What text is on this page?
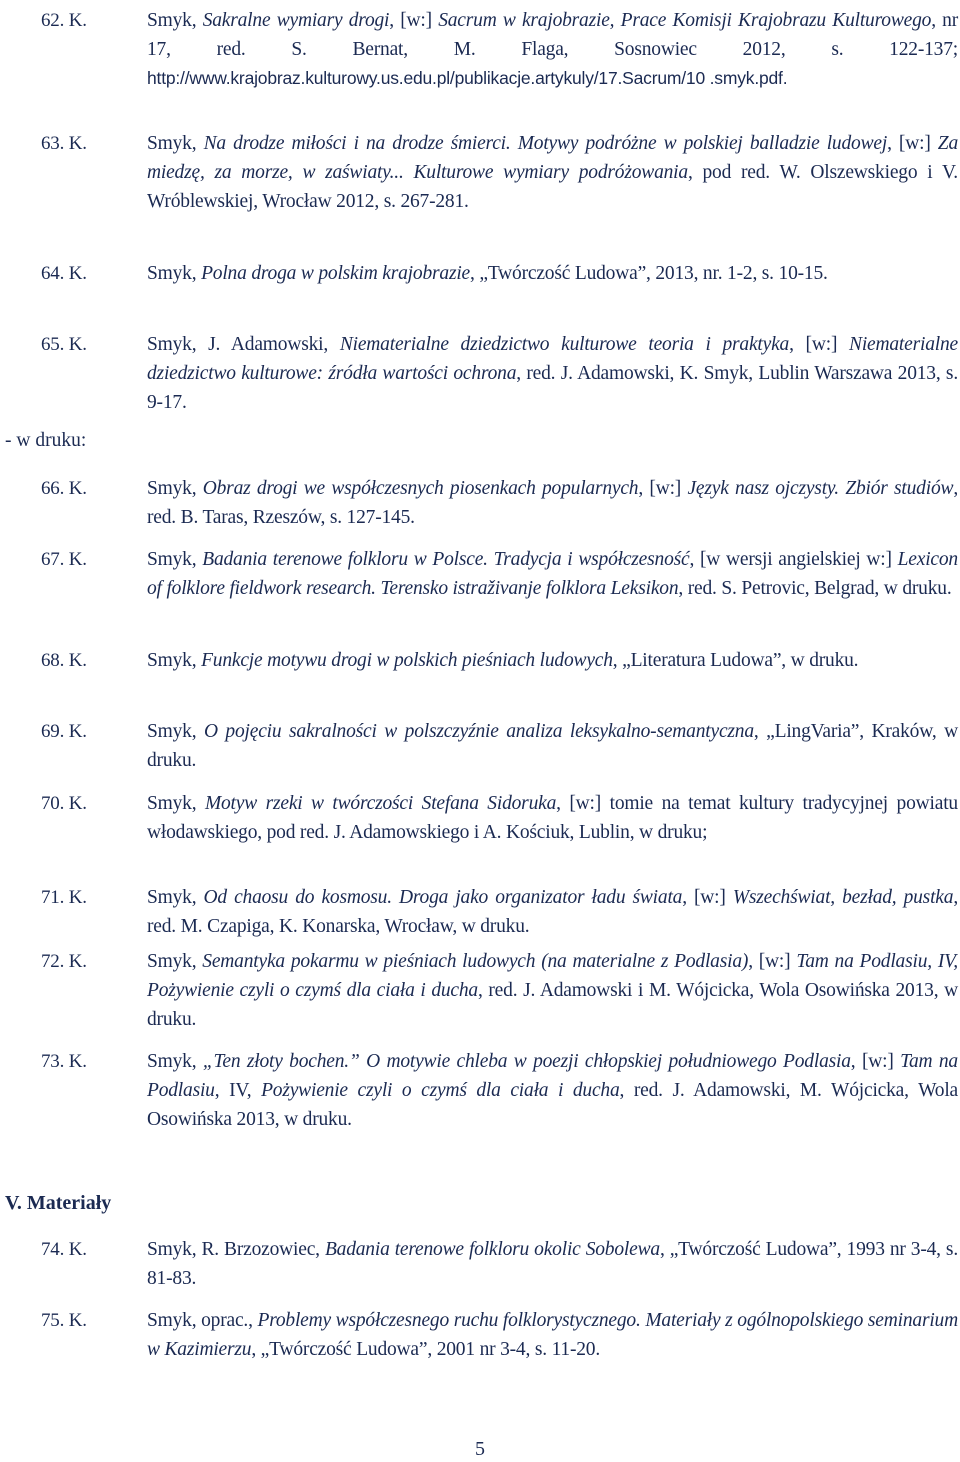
62. K.	Smyk, Sakralne wymiary drogi, [w:] Sacrum w krajobrazie, Prace Komisji Krajobrazu Kulturowego, nr 17, red. S. Bernat, M. Flaga, Sosnowiec 2012, s. 122-137; http://www.krajobraz.kulturowy.us.edu.pl/publikacje.artykuly/17.Sacrum/10 .smyk.pdf.
63. K.	Smyk, Na drodze miłości i na drodze śmierci. Motywy podróżne w polskiej balladzie ludowej, [w:] Za miedzę, za morze, w zaświaty... Kulturowe wymiary podróżowania, pod red. W. Olszewskiego i V. Wróblewskiej, Wrocław 2012, s. 267-281.
64. K.	Smyk, Polna droga w polskim krajobrazie, „Twórczość Ludowa”, 2013, nr. 1-2, s. 10-15.
65. K.	Smyk, J. Adamowski, Niematerialne dziedzictwo kulturowe teoria i praktyka, [w:] Niematerialne dziedzictwo kulturowe: źródła wartości ochrona, red. J. Adamowski, K. Smyk, Lublin Warszawa 2013, s. 9-17.
- w druku:
66. K.	Smyk, Obraz drogi we współczesnych piosenkach popularnych, [w:] Język nasz ojczysty. Zbiór studiów, red. B. Taras, Rzeszów, s. 127-145.
67. K.	Smyk, Badania terenowe folkloru w Polsce. Tradycja i współczesność, [w wersji angielskiej w:] Lexicon of folklore fieldwork research. Terensko istraživanje folklora Leksikon, red. S. Petrovic, Belgrad, w druku.
68. K.	Smyk, Funkcje motywu drogi w polskich pieśniach ludowych, „Literatura Ludowa”, w druku.
69. K.	Smyk, O pojęciu sakralności w polszczyźnie analiza leksykalno-semantyczna, „LingVaria”, Kraków, w druku.
70. K.	Smyk, Motyw rzeki w twórczości Stefana Sidoruka, [w:] tomie na temat kultury tradycyjnej powiatu włodawskiego, pod red. J. Adamowskiego i A. Kościuk, Lublin, w druku;
71. K.	Smyk, Od chaosu do kosmosu. Droga jako organizator ładu świata, [w:] Wszechświat, bezład, pustka, red. M. Czapiga, K. Konarska, Wrocław, w druku.
72. K.	Smyk, Semantyka pokarmu w pieśniach ludowych (na materialne z Podlasia), [w:] Tam na Podlasiu, IV, Pożywienie czyli o czymś dla ciała i ducha, red. J. Adamowski i M. Wójcicka, Wola Osowińska 2013, w druku.
73. K.	Smyk, „Ten złoty bochen.” O motywie chleba w poezji chłopskiej południowego Podlasia, [w:] Tam na Podlasiu, IV, Pożywienie czyli o czymś dla ciała i ducha, red. J. Adamowski, M. Wójcicka, Wola Osowińska 2013, w druku.
V. Materiały
74. K.	Smyk, R. Brzozowiec, Badania terenowe folkloru okolic Sobolewa, „Twórczość Ludowa”, 1993 nr 3-4, s. 81-83.
75. K.	Smyk, oprac., Problemy współczesnego ruchu folklorystycznego. Materiały z ogólnopolskiego seminarium w Kazimierzu, „Twórczość Ludowa”, 2001 nr 3-4, s. 11-20.
5
